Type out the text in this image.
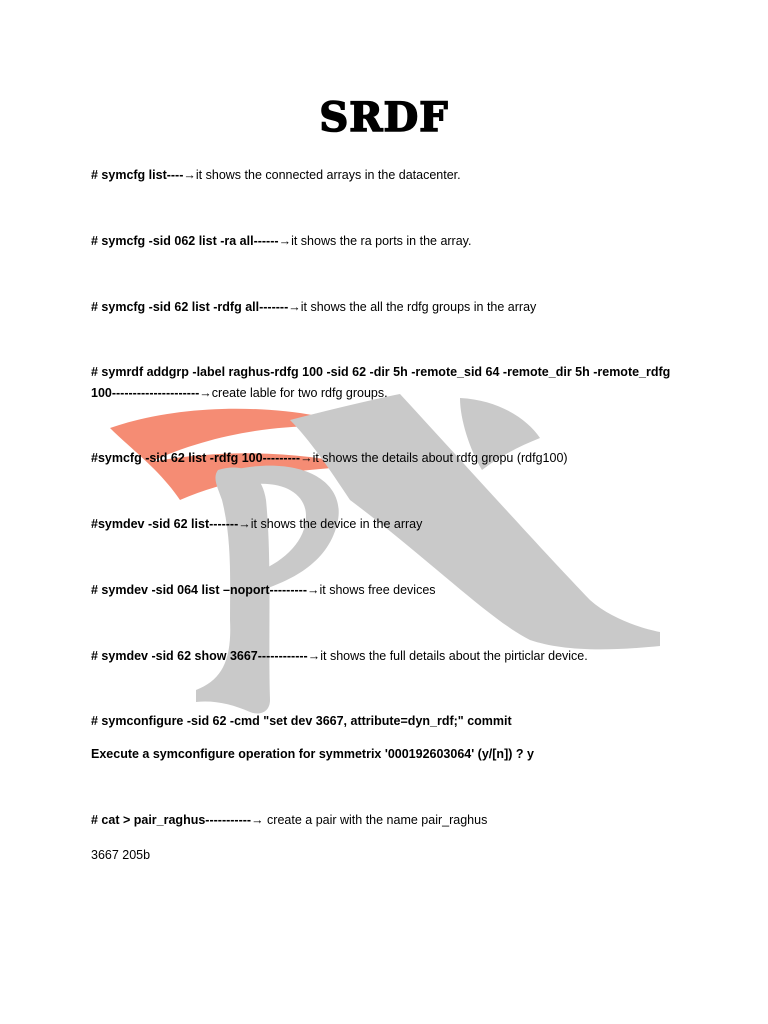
SRDF
# symcfg list----→it shows the connected arrays in the datacenter.
# symcfg -sid 062 list -ra all------→it shows the ra ports in the array.
# symcfg -sid 62 list -rdfg all-------→it shows the all the rdfg groups in the array
# symrdf addgrp -label raghus-rdfg 100 -sid 62 -dir 5h -remote_sid 64 -remote_dir 5h -remote_rdfg
100---------------------→create lable for two rdfg groups.
#symcfg -sid 62 list -rdfg 100---------→it shows the details about rdfg gropu (rdfg100)
#symdev -sid 62 list-------→it shows the device in the array
# symdev -sid 064 list –noport---------→it shows free devices
# symdev -sid 62 show 3667------------→it shows the full details about the pirticlar device.
# symconfigure -sid 62 -cmd "set dev 3667, attribute=dyn_rdf;" commit
Execute a symconfigure operation for symmetrix '000192603064' (y/[n]) ? y
# cat > pair_raghus-----------→ create a pair with the name pair_raghus
3667 205b
